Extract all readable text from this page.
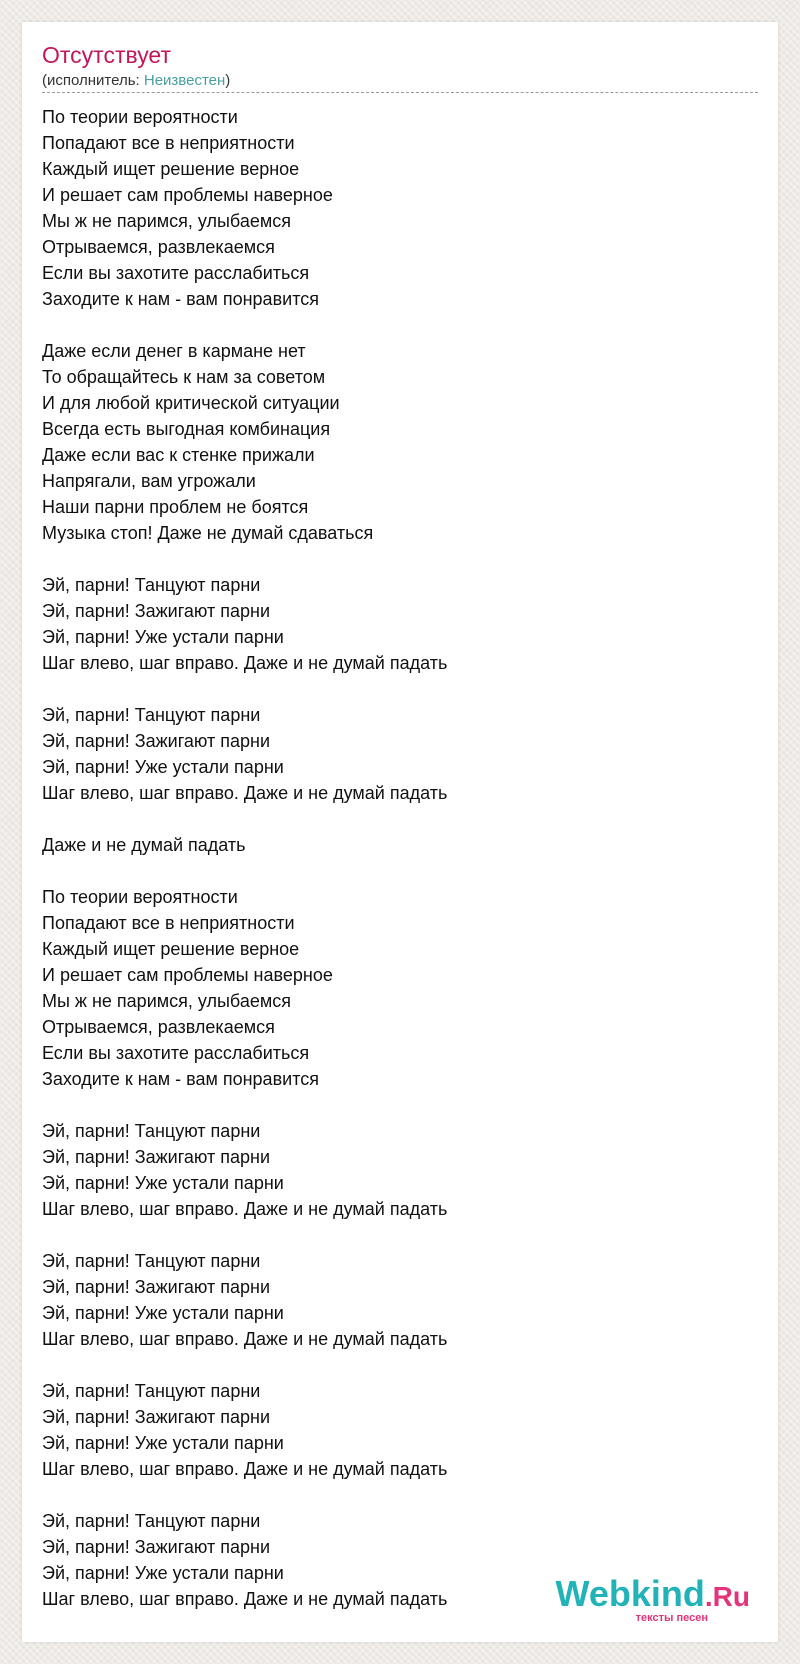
Отсутствует
(исполнитель: Неизвестен)
По теории вероятности
Попадают все в неприятности
Каждый ищет решение верное
И решает сам проблемы наверное
Мы ж не паримся, улыбаемся
Отрываемся, развлекаемся
Если вы захотите расслабиться
Заходите к нам - вам понравится
Даже если денег в кармане нет
То обращайтесь к нам за советом
И для любой критической ситуации
Всегда есть выгодная комбинация
Даже если вас к стенке прижали
Напрягали, вам угрожали
Наши парни проблем не боятся
Музыка стоп! Даже не думай сдаваться
Эй, парни! Танцуют парни
Эй, парни! Зажигают парни
Эй, парни! Уже устали парни
Шаг влево, шаг вправо. Даже и не думай падать
Эй, парни! Танцуют парни
Эй, парни! Зажигают парни
Эй, парни! Уже устали парни
Шаг влево, шаг вправо. Даже и не думай падать
Даже и не думай падать
По теории вероятности
Попадают все в неприятности
Каждый ищет решение верное
И решает сам проблемы наверное
Мы ж не паримся, улыбаемся
Отрываемся, развлекаемся
Если вы захотите расслабиться
Заходите к нам - вам понравится
Эй, парни! Танцуют парни
Эй, парни! Зажигают парни
Эй, парни! Уже устали парни
Шаг влево, шаг вправо. Даже и не думай падать
Эй, парни! Танцуют парни
Эй, парни! Зажигают парни
Эй, парни! Уже устали парни
Шаг влево, шаг вправо. Даже и не думай падать
Эй, парни! Танцуют парни
Эй, парни! Зажигают парни
Эй, парни! Уже устали парни
Шаг влево, шаг вправо. Даже и не думай падать
Эй, парни! Танцуют парни
Эй, парни! Зажигают парни
Эй, парни! Уже устали парни
Шаг влево, шаг вправо. Даже и не думай падать	Webkind.Ru
тексты песен
